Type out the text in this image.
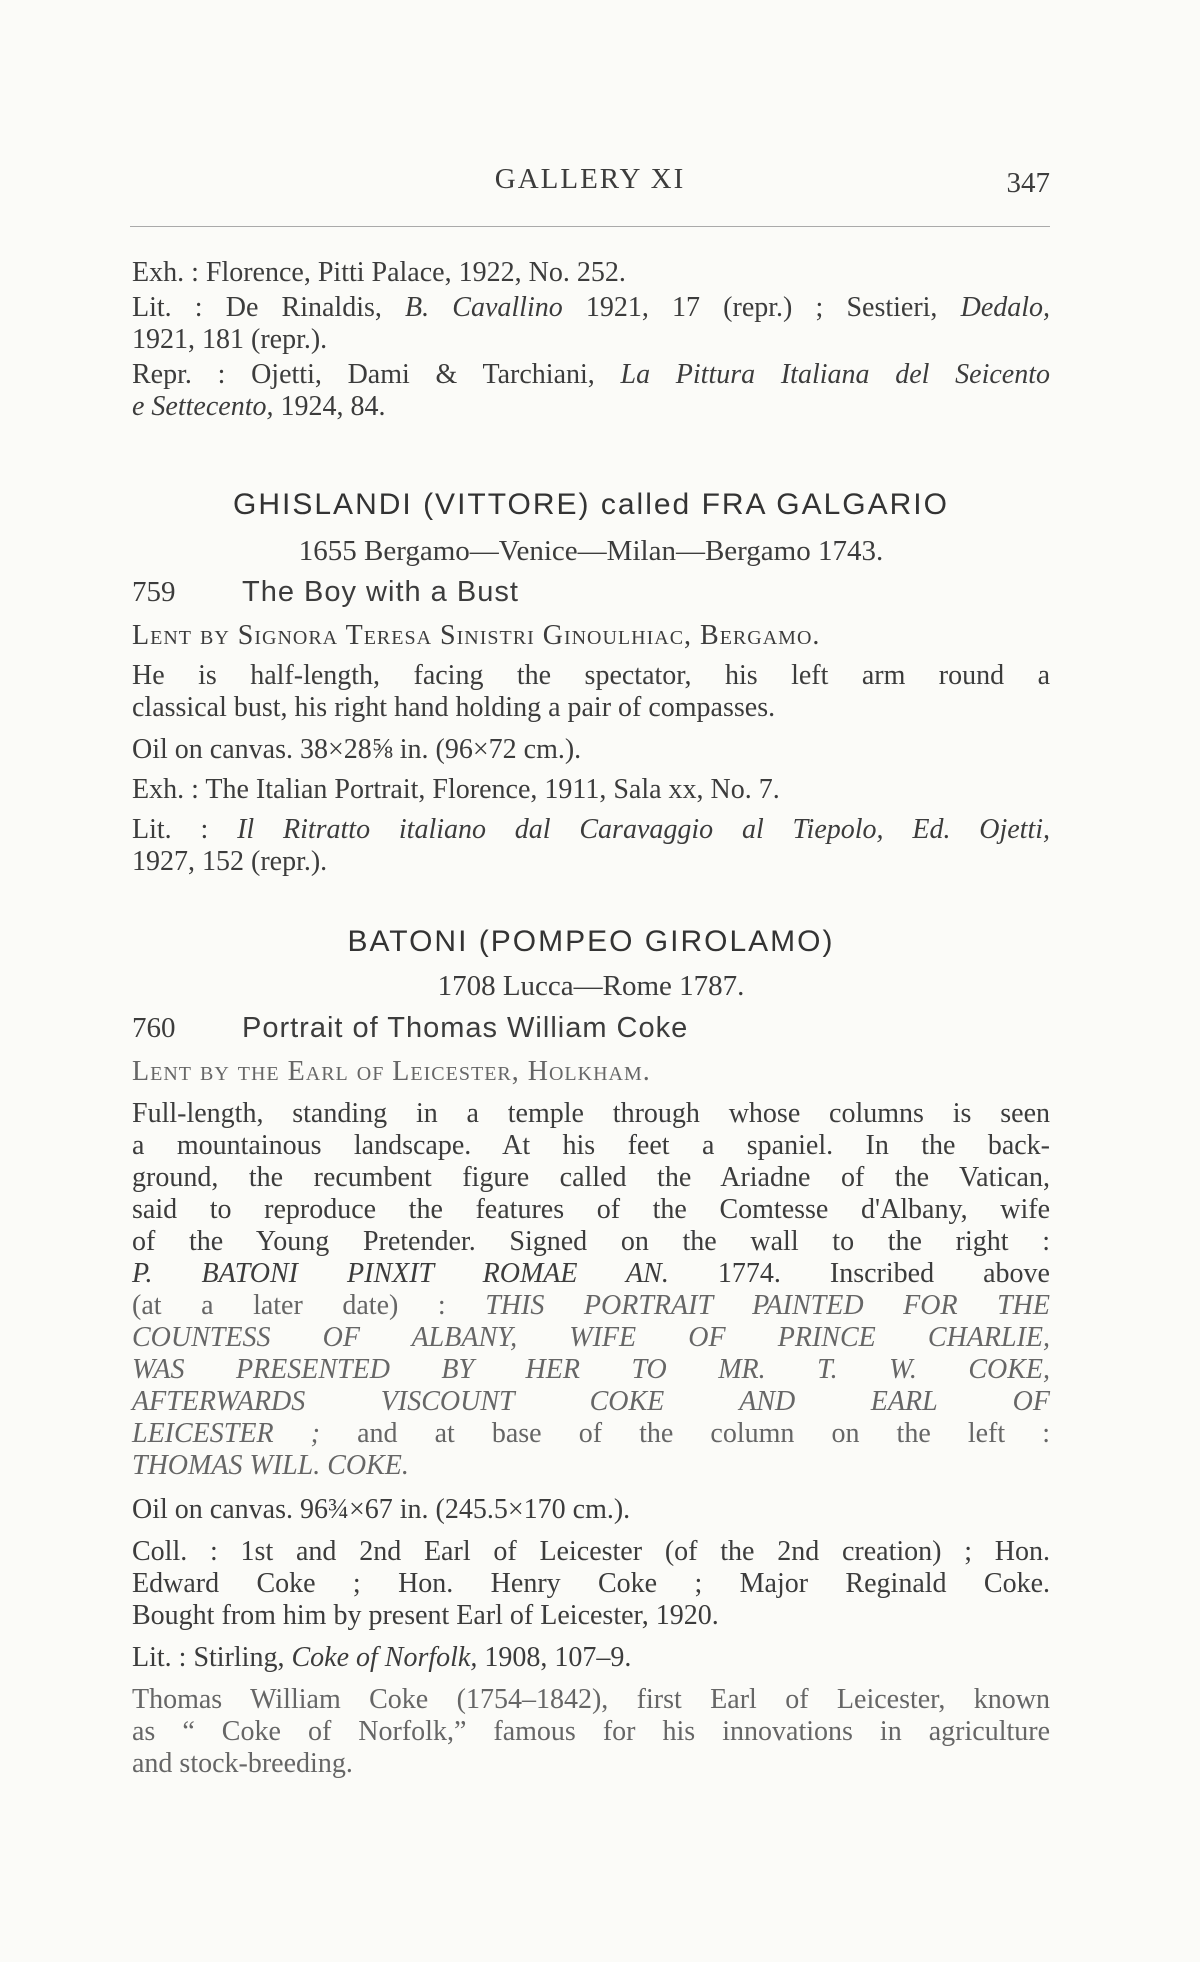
GALLERY XI	347
Exh. : Florence, Pitti Palace, 1922, No. 252.
Lit. : De Rinaldis, B. Cavallino 1921, 17 (repr.) ; Sestieri, Dedalo,
1921, 181 (repr.).
Repr. : Ojetti, Dami & Tarchiani, La Pittura Italiana del Seicento
e Settecento, 1924, 84.
GHISLANDI (VITTORE) called FRA GALGARIO
1655 Bergamo—Venice—Milan—Bergamo 1743.
759 The Boy with a Bust
Lent by Signora Teresa Sinistri Ginoulhiac, Bergamo.
He is half-length, facing the spectator, his left arm round a
classical bust, his right hand holding a pair of compasses.
Oil on canvas. 38×28⅝ in. (96×72 cm.).
Exh. : The Italian Portrait, Florence, 1911, Sala xx, No. 7.
Lit. : Il Ritratto italiano dal Caravaggio al Tiepolo, Ed. Ojetti,
1927, 152 (repr.).
BATONI (POMPEO GIROLAMO)
1708 Lucca—Rome 1787.
760 Portrait of Thomas William Coke
Lent by the Earl of Leicester, Holkham.
Full-length, standing in a temple through whose columns is seen
a mountainous landscape. At his feet a spaniel. In the back-
ground, the recumbent figure called the Ariadne of the Vatican,
said to reproduce the features of the Comtesse d'Albany, wife
of the Young Pretender. Signed on the wall to the right :
P. BATONI PINXIT ROMAE AN. 1774. Inscribed above
(at a later date) : THIS PORTRAIT PAINTED FOR THE
COUNTESS OF ALBANY, WIFE OF PRINCE CHARLIE,
WAS PRESENTED BY HER TO MR. T. W. COKE,
AFTERWARDS VISCOUNT COKE AND EARL OF
LEICESTER ; and at base of the column on the left :
THOMAS WILL. COKE.
Oil on canvas. 96¾×67 in. (245.5×170 cm.).
Coll. : 1st and 2nd Earl of Leicester (of the 2nd creation) ; Hon.
Edward Coke ; Hon. Henry Coke ; Major Reginald Coke.
Bought from him by present Earl of Leicester, 1920.
Lit. : Stirling, Coke of Norfolk, 1908, 107–9.
Thomas William Coke (1754–1842), first Earl of Leicester, known
as “ Coke of Norfolk,” famous for his innovations in agriculture
and stock-breeding.
